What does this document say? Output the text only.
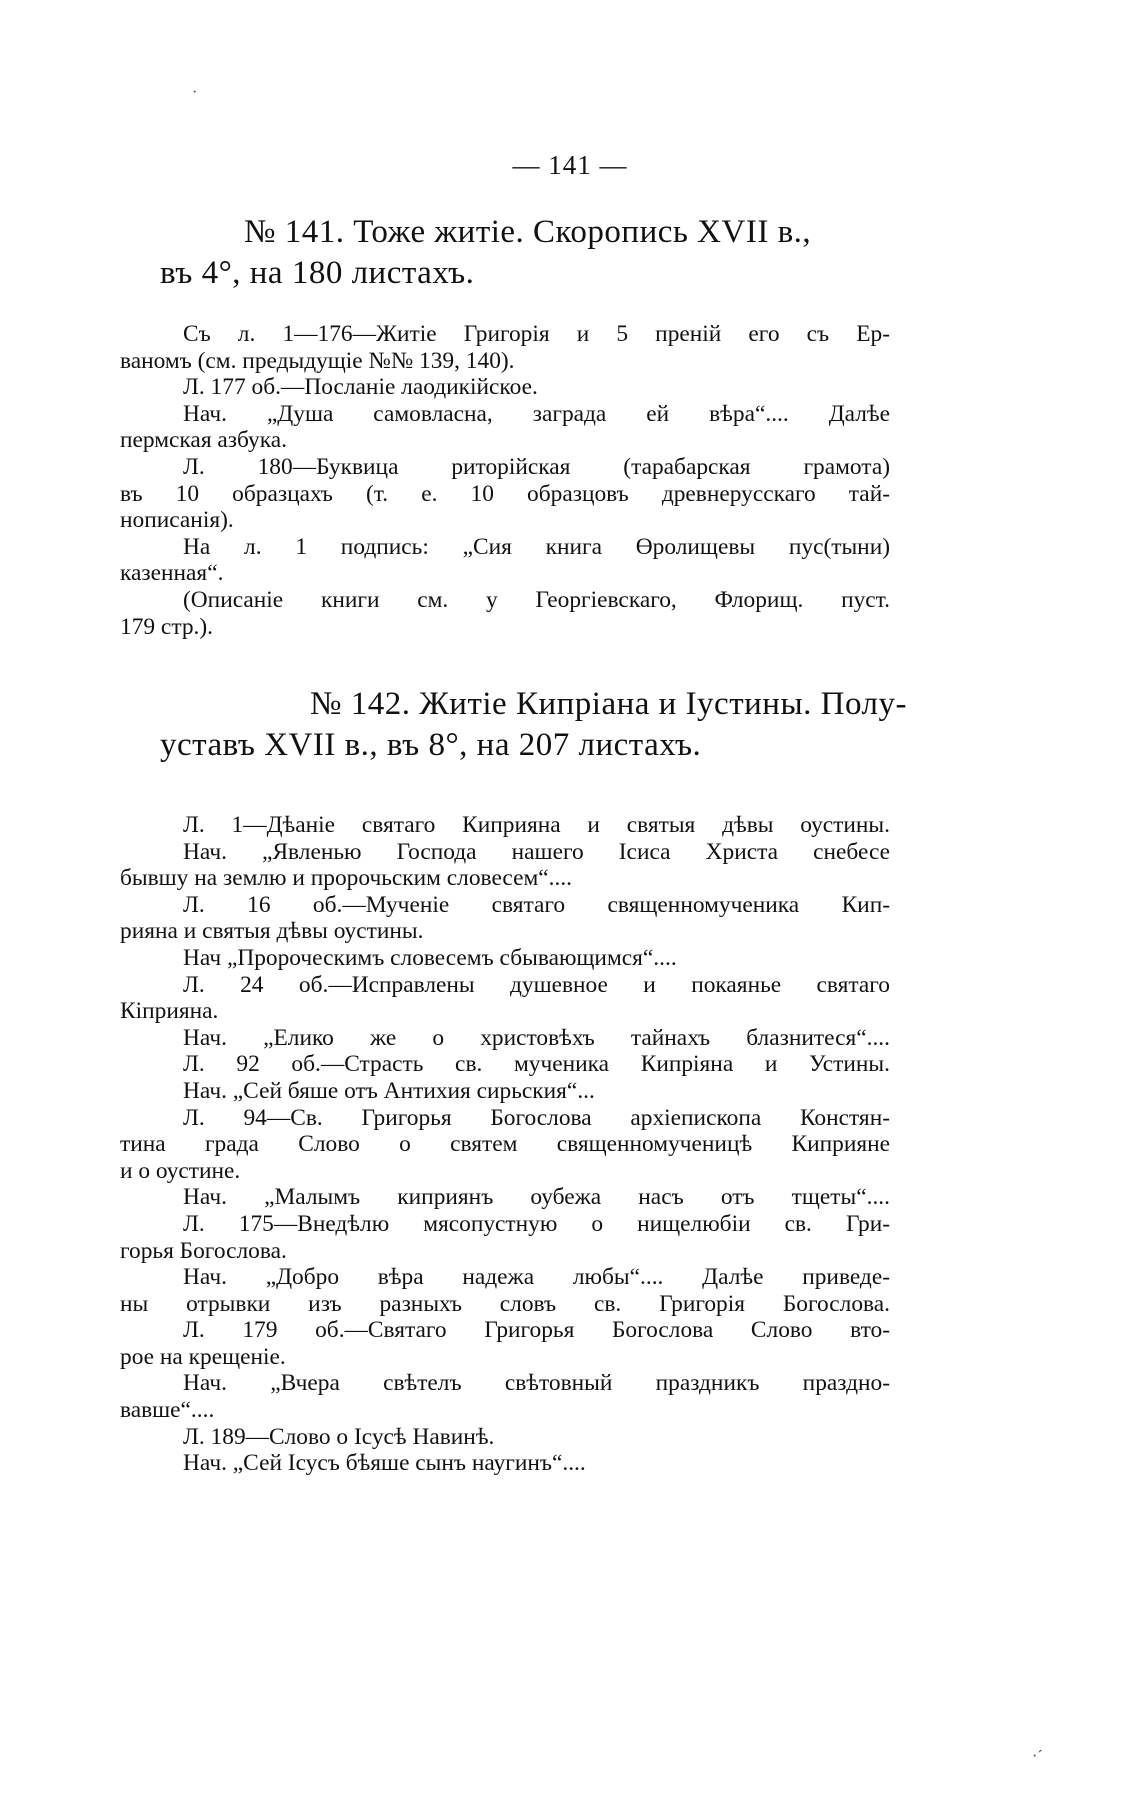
— 141 —
№ 141. Тоже житіе. Скоропись XVII в.,
въ 4°, на 180 листахъ.
Съ л. 1—176—Житіе Григорія и 5 преній его съ Ер-
ваномъ (см. предыдущіе №№ 139, 140).
Л. 177 об.—Посланіе лаодикійское.
Нач. „Душа самовласна, заграда ей вѣра“.... Далѣе
пермская азбука.
Л. 180—Буквица риторійская (тарабарская грамота)
въ 10 образцахъ (т. е. 10 образцовъ древнерусскаго тай-
нописанія).
На л. 1 подпись: „Сия книга Өролищевы пус(тыни)
казенная“.
(Описаніе книги см. у Георгіевскаго, Флорищ. пуст.
179 стр.).
№ 142. Житіе Кипріана и Іустины. Полу-
уставъ XVII в., въ 8°, на 207 листахъ.
Л. 1—Дѣаніе святаго Киприяна и святыя дѣвы оустины.
Нач. „Явленью Господа нашего Ісиса Христа снебесе
бывшу на землю и пророчьским словесем“....
Л. 16 об.—Мученіе святаго священномученика Кип-
рияна и святыя дѣвы оустины.
Нач „Пророческимъ словесемъ сбывающимся“....
Л. 24 об.—Исправлены душевное и покаянье святаго
Кіприяна.
Нач. „Елико же о христовѣхъ тайнахъ блазнитеся“....
Л. 92 об.—Страсть св. мученика Кипріяна и Устины.
Нач. „Сей бяше отъ Антихия сирьския“...
Л. 94—Св. Григорья Богослова архіепископа Констян-
тина града Слово о святем священномученицѣ Киприяне
и о оустине.
Нач. „Малымъ киприянъ оубежа насъ отъ тщеты“....
Л. 175—Внедѣлю мясопустную о нищелюбіи св. Гри-
горья Богослова.
Нач. „Добро вѣра надежа любы“.... Далѣе приведе-
ны отрывки изъ разныхъ словъ св. Григорія Богослова.
Л. 179 об.—Святаго Григорья Богослова Слово вто-
рое на крещеніе.
Нач. „Вчера свѣтелъ свѣтовный праздникъ праздно-
вавше“....
Л. 189—Слово о Ісусѣ Навинѣ.
Нач. „Сей Ісусъ бѣяше сынъ наугинъ“....
·
·ˊ
